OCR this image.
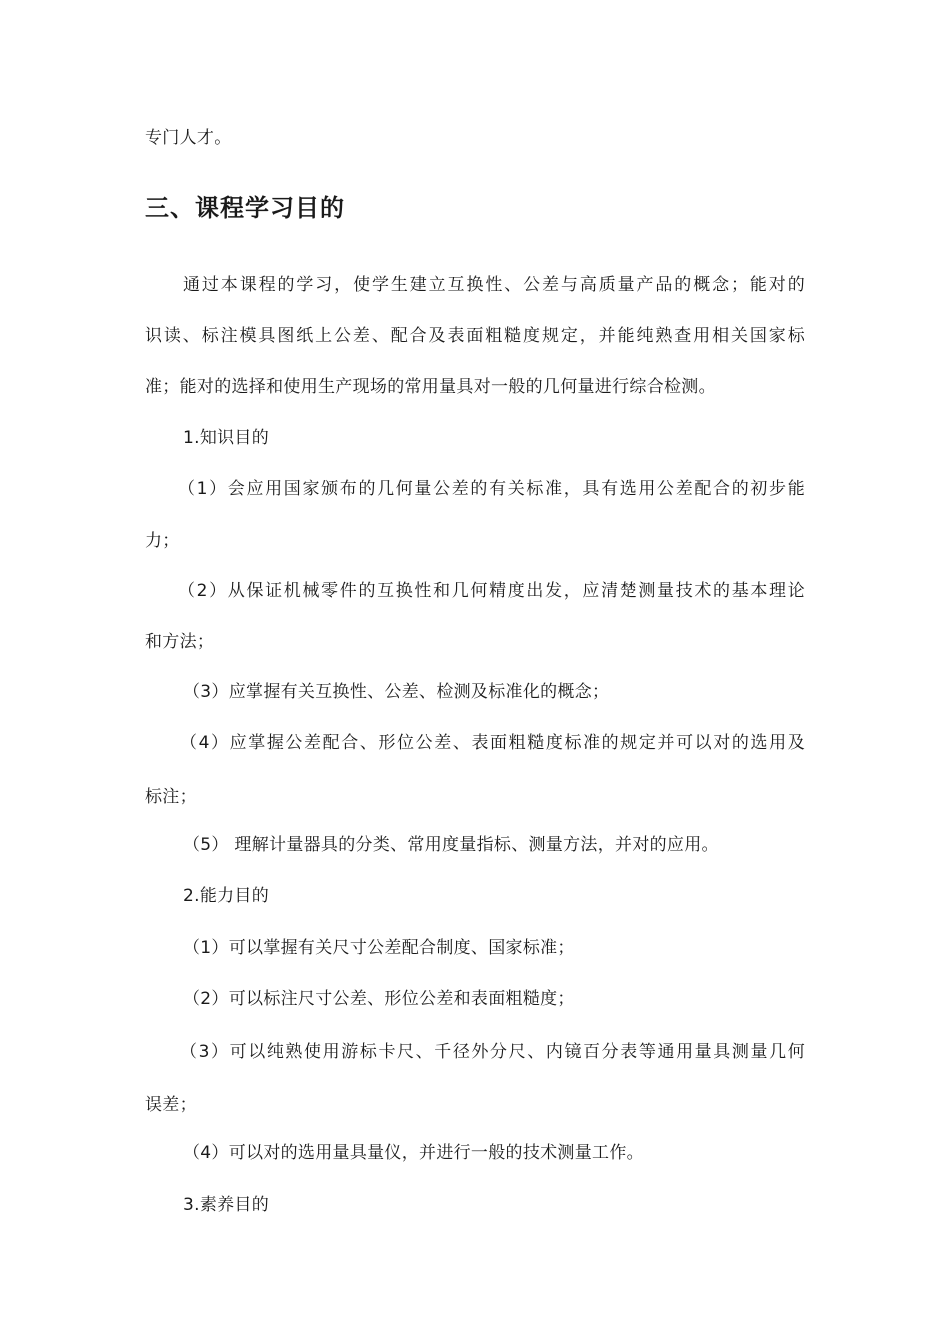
专门人才。
三、课程学习目的
通过本课程的学习，使学生建立互换性、公差与高质量产品的概念；能对的
识读、标注模具图纸上公差、配合及表面粗糙度规定，并能纯熟查用相关国家标
准；能对的选择和使用生产现场的常用量具对一般的几何量进行综合检测。
1.知识目的
（1）会应用国家颁布的几何量公差的有关标准，具有选用公差配合的初步能
力；
（2）从保证机械零件的互换性和几何精度出发，应清楚测量技术的基本理论
和方法；
（3）应掌握有关互换性、公差、检测及标准化的概念；
（4）应掌握公差配合、形位公差、表面粗糙度标准的规定并可以对的选用及
标注；
（5） 理解计量器具的分类、常用度量指标、测量方法，并对的应用。
2.能力目的
（1）可以掌握有关尺寸公差配合制度、国家标准；
（2）可以标注尺寸公差、形位公差和表面粗糙度；
（3）可以纯熟使用游标卡尺、千径外分尺、内镜百分表等通用量具测量几何
误差；
（4）可以对的选用量具量仪，并进行一般的技术测量工作。
3.素养目的
